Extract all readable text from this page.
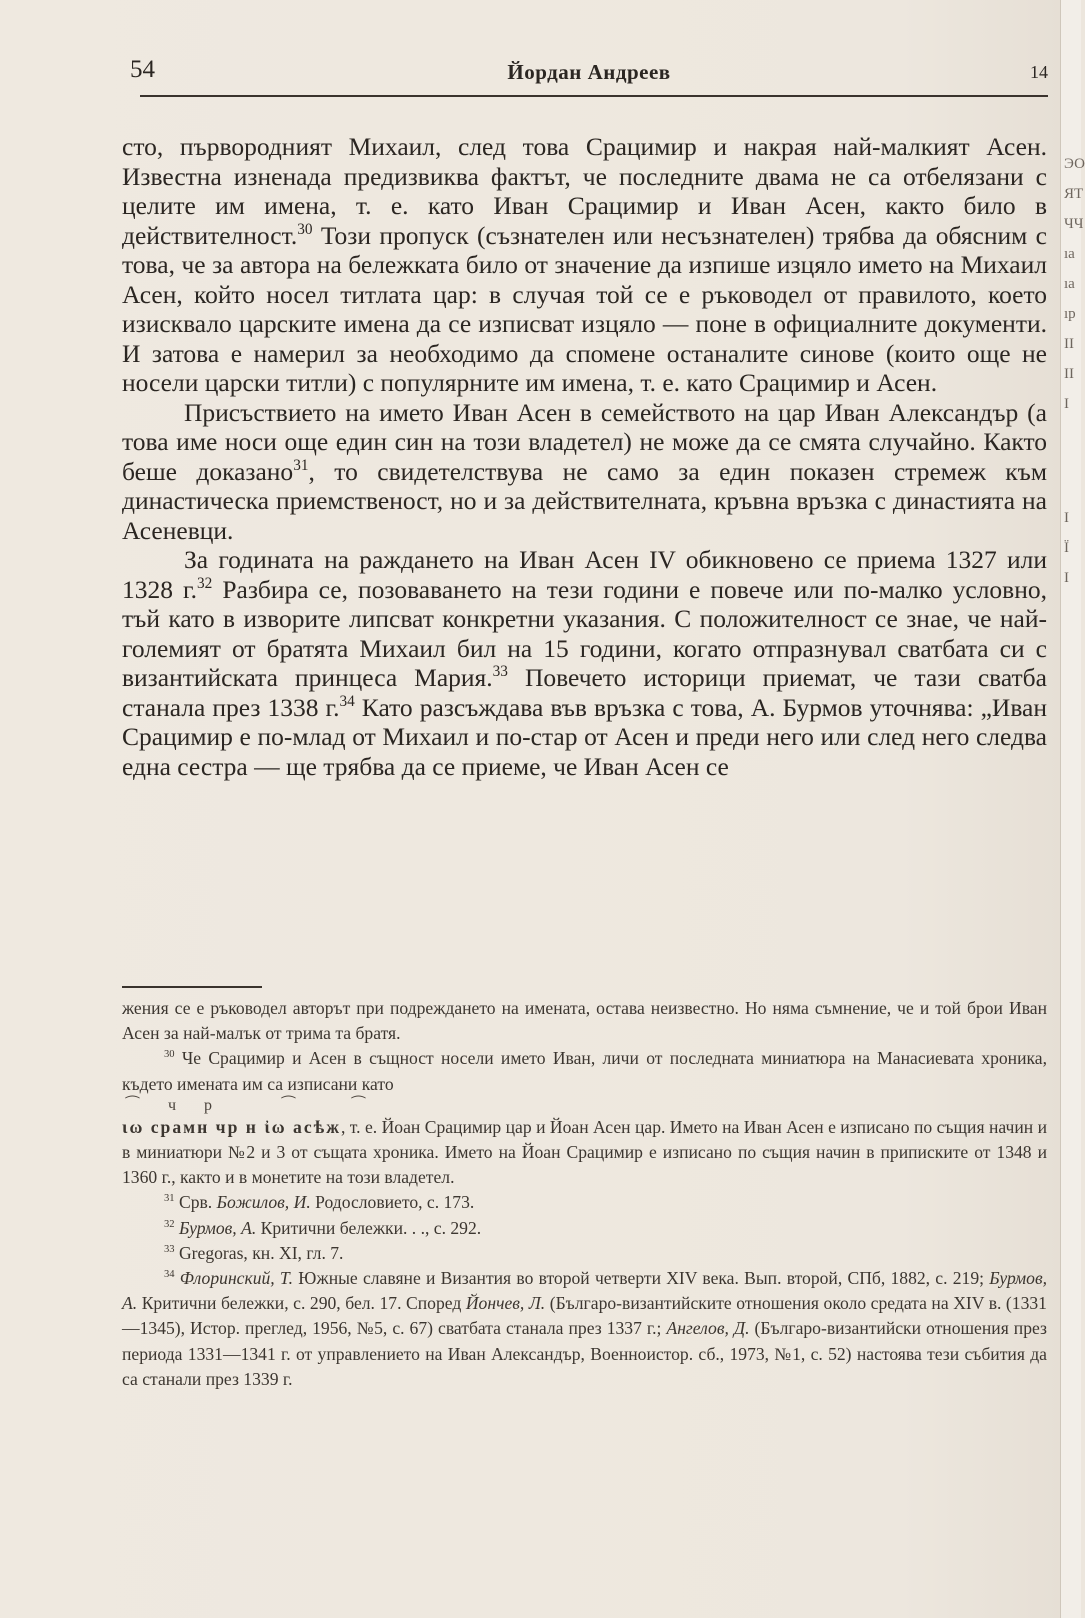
54	Йордан Андреев	14

сто, първородният Михаил, след това Срацимир и накрая най-малкият Асен. Известна изненада предизвиква фактът, че последните двама не са отбелязани с целите им имена, т. е. като Иван Срацимир и Иван Асен, както било в действителност.$^{30}$ Този пропуск (съзнателен или несъзнателен) трябва да обясним с това, че за автора на бележката било от значение да изпише изцяло името на Михаил Асен, който носел титлата цар: в случая той се е ръководел от правилото, което изисквало царските имена да се изписват изцяло — поне в официалните документи. И затова е намерил за необходимо да спомене останалите синове (които още не носели царски титли) с популярните им имена, т. е. като Срацимир и Асен.

Присъствието на името Иван Асен в семейството на цар Иван Александър (а това име носи още един син на този владетел) не може да се смята случайно. Както беше доказано$^{31}$, то свидетелствува не само за един показен стремеж към династическа приемственост, но и за действителната, кръвна връзка с династията на Асеневци.

За годината на раждането на Иван Асен IV обикновено се приема 1327 или 1328 г.$^{32}$ Разбира се, позоваването на тези години е повече или по-малко условно, тъй като в изворите липсват конкретни указания. С положителност се знае, че най-големият от братята Михаил бил на 15 години, когато отпразнувал сватбата си с византийската принцеса Мария.$^{33}$ Повечето историци приемат, че тази сватба станала през 1338 г.$^{34}$ Като разсъждава във връзка с това, А. Бурмов уточнява: „Иван Срацимир е по-млад от Михаил и по-стар от Асен и преди него или след него следва една сестра — ще трябва да се приеме, че Иван Асен се

жения се е ръководел авторът при подреждането на имената, остава неизвестно. Но няма съмнение, че и той брои Иван Асен за най-малък от трима та братя.

$^{30}$ Че Срацимир и Асен в същност носели името Иван, личи от последната миниатюра на Манасиевата хроника, където имената им са изписани като

⁀ ч р	⁀	⁀

ιω срамн чр н ἰω асѣж, т. е. Йоан Срацимир цар и Йоан Асен цар. Името на Иван Асен е изписано по същия начин и в миниатюри №2 и 3 от същата хроника. Името на Йоан Срацимир е изписано по същия начин в приписките от 1348 и 1360 г., както и в монетите на този владетел.

$^{31}$ Срв. Божилов, И. Родословието, с. 173.

$^{32}$ Бурмов, А. Критични бележки. . ., с. 292.

$^{33}$ Gregoras, кн. XI, гл. 7.

$^{34}$ Флоринский, Т. Южные славяне и Византия во второй четверти XIV века. Вып. второй, СПб, 1882, с. 219; Бурмов, А. Критични бележки, с. 290, бел. 17. Според Йончев, Л. (Българо-византийските отношения около средата на XIV в. (1331—1345), Истор. преглед, 1956, №5, с. 67) сватбата станала през 1337 г.; Ангелов, Д. (Българо-византийски отношения през периода 1331—1341 г. от управлението на Иван Александър, Военноистор. сб., 1973, №1, с. 52) настоява тези събития да са станали през 1339 г.

ЭО
ЯТ
ЧЧ
ıа
ıа
ıр
ІІ
ІІ
І
І
Ї
І
